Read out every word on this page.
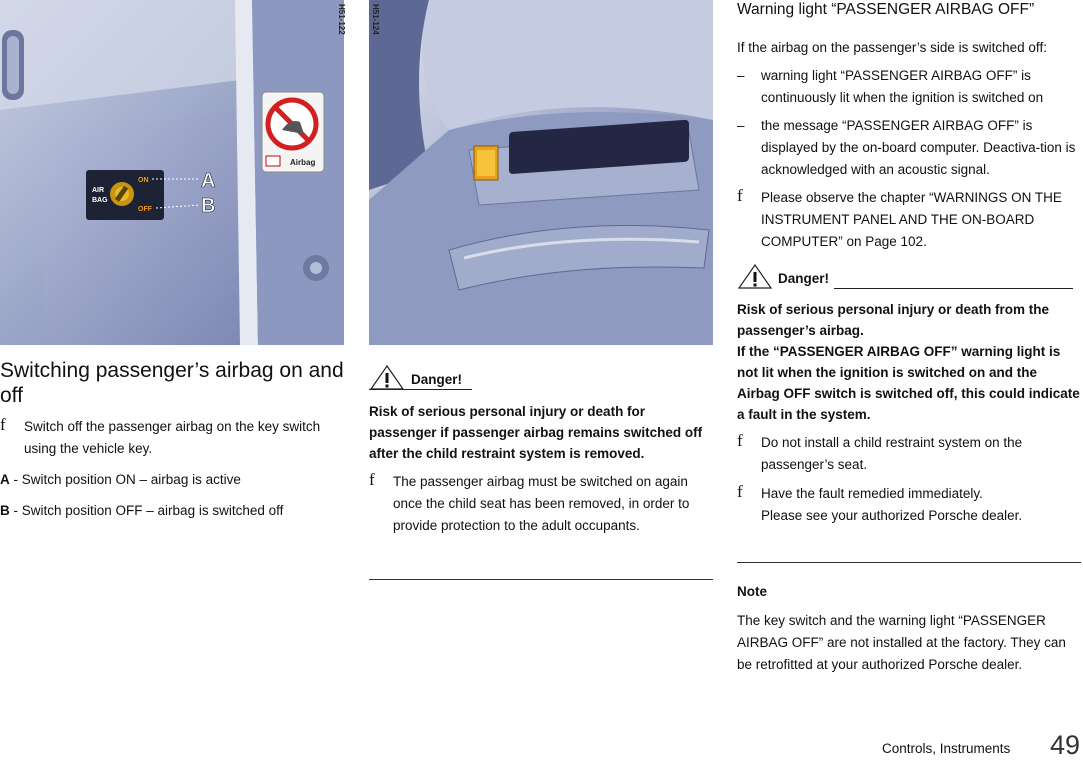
Airbag
AIR
BAG
ON
OFF
A
B
H51-122	H51-124

Switching passenger’s airbag on and off

f Switch off the passenger airbag on the key switch using the vehicle key.

A - Switch position ON – airbag is active

B - Switch position OFF – airbag is switched off

Danger!

Risk of serious personal injury or death for passenger if passenger airbag remains switched off after the child restraint system is removed.

f The passenger airbag must be switched on again once the child seat has been removed, in order to provide protection to the adult occupants.

Warning light “PASSENGER AIRBAG OFF”

If the airbag on the passenger’s side is switched off:

– warning light “PASSENGER AIRBAG OFF” is continuously lit when the ignition is switched on
– the message “PASSENGER AIRBAG OFF” is displayed by the on-board computer. Deactiva-tion is acknowledged with an acoustic signal.
f Please observe the chapter “WARNINGS ON THE INSTRUMENT PANEL AND THE ON-BOARD COMPUTER” on Page 102.
Danger!

Risk of serious personal injury or death from the passenger’s airbag.

If the “PASSENGER AIRBAG OFF” warning light is not lit when the ignition is switched on and the Airbag OFF switch is switched off, this could indicate a fault in the system.

f Do not install a child restraint system on the passenger’s seat.
f Have the fault remedied immediately.
Please see your authorized Porsche dealer.

Note

The key switch and the warning light “PASSENGER AIRBAG OFF” are not installed at the factory. They can be retrofitted at your authorized Porsche dealer.

Controls, Instruments 49
